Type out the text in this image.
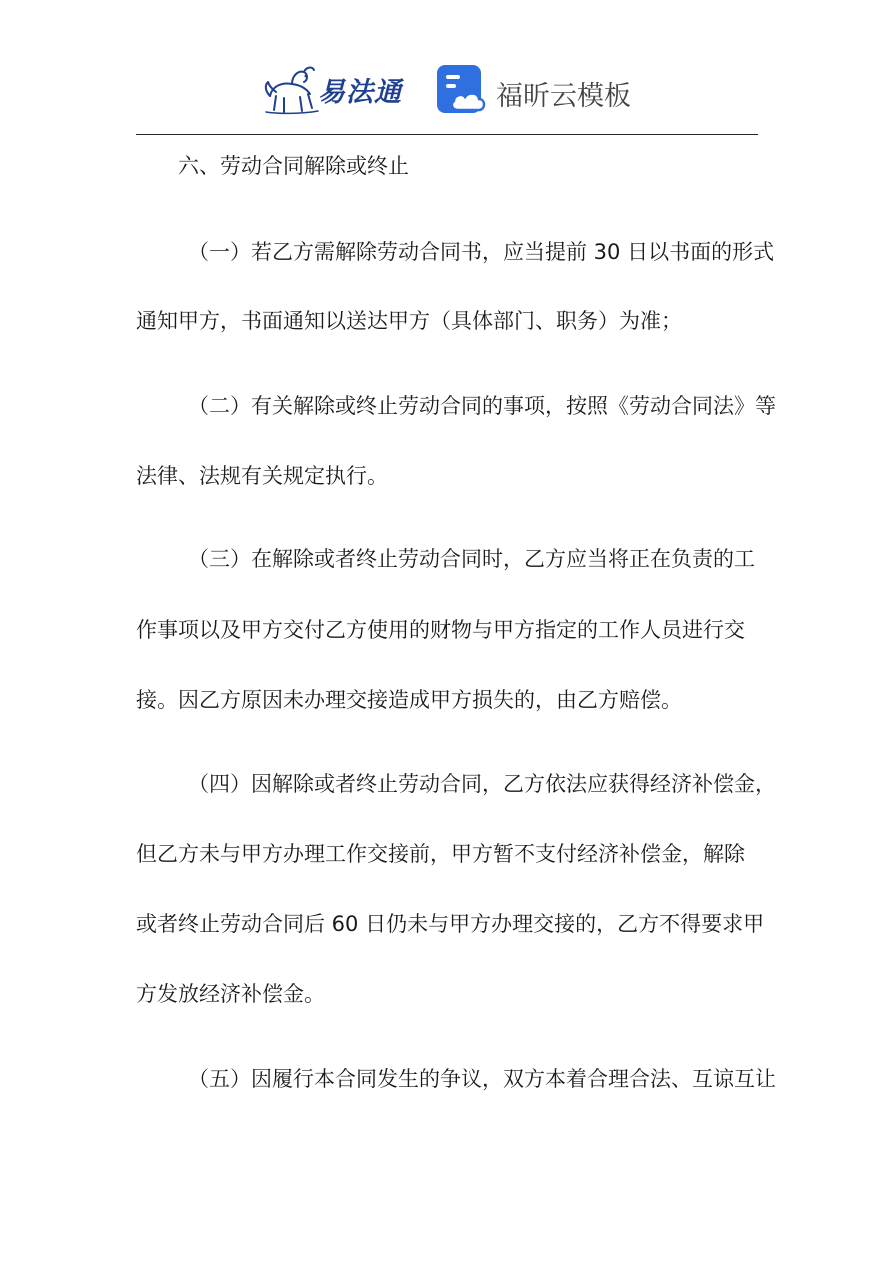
易法通	福昕云模板
六、劳动合同解除或终止
（一）若乙方需解除劳动合同书，应当提前 30 日以书面的形式
通知甲方，书面通知以送达甲方（具体部门、职务）为准；
（二）有关解除或终止劳动合同的事项，按照《劳动合同法》等
法律、法规有关规定执行。
（三）在解除或者终止劳动合同时，乙方应当将正在负责的工
作事项以及甲方交付乙方使用的财物与甲方指定的工作人员进行交
接。因乙方原因未办理交接造成甲方损失的，由乙方赔偿。
（四）因解除或者终止劳动合同，乙方依法应获得经济补偿金，
但乙方未与甲方办理工作交接前，甲方暂不支付经济补偿金，解除
或者终止劳动合同后 60 日仍未与甲方办理交接的，乙方不得要求甲
方发放经济补偿金。
（五）因履行本合同发生的争议，双方本着合理合法、互谅互让
